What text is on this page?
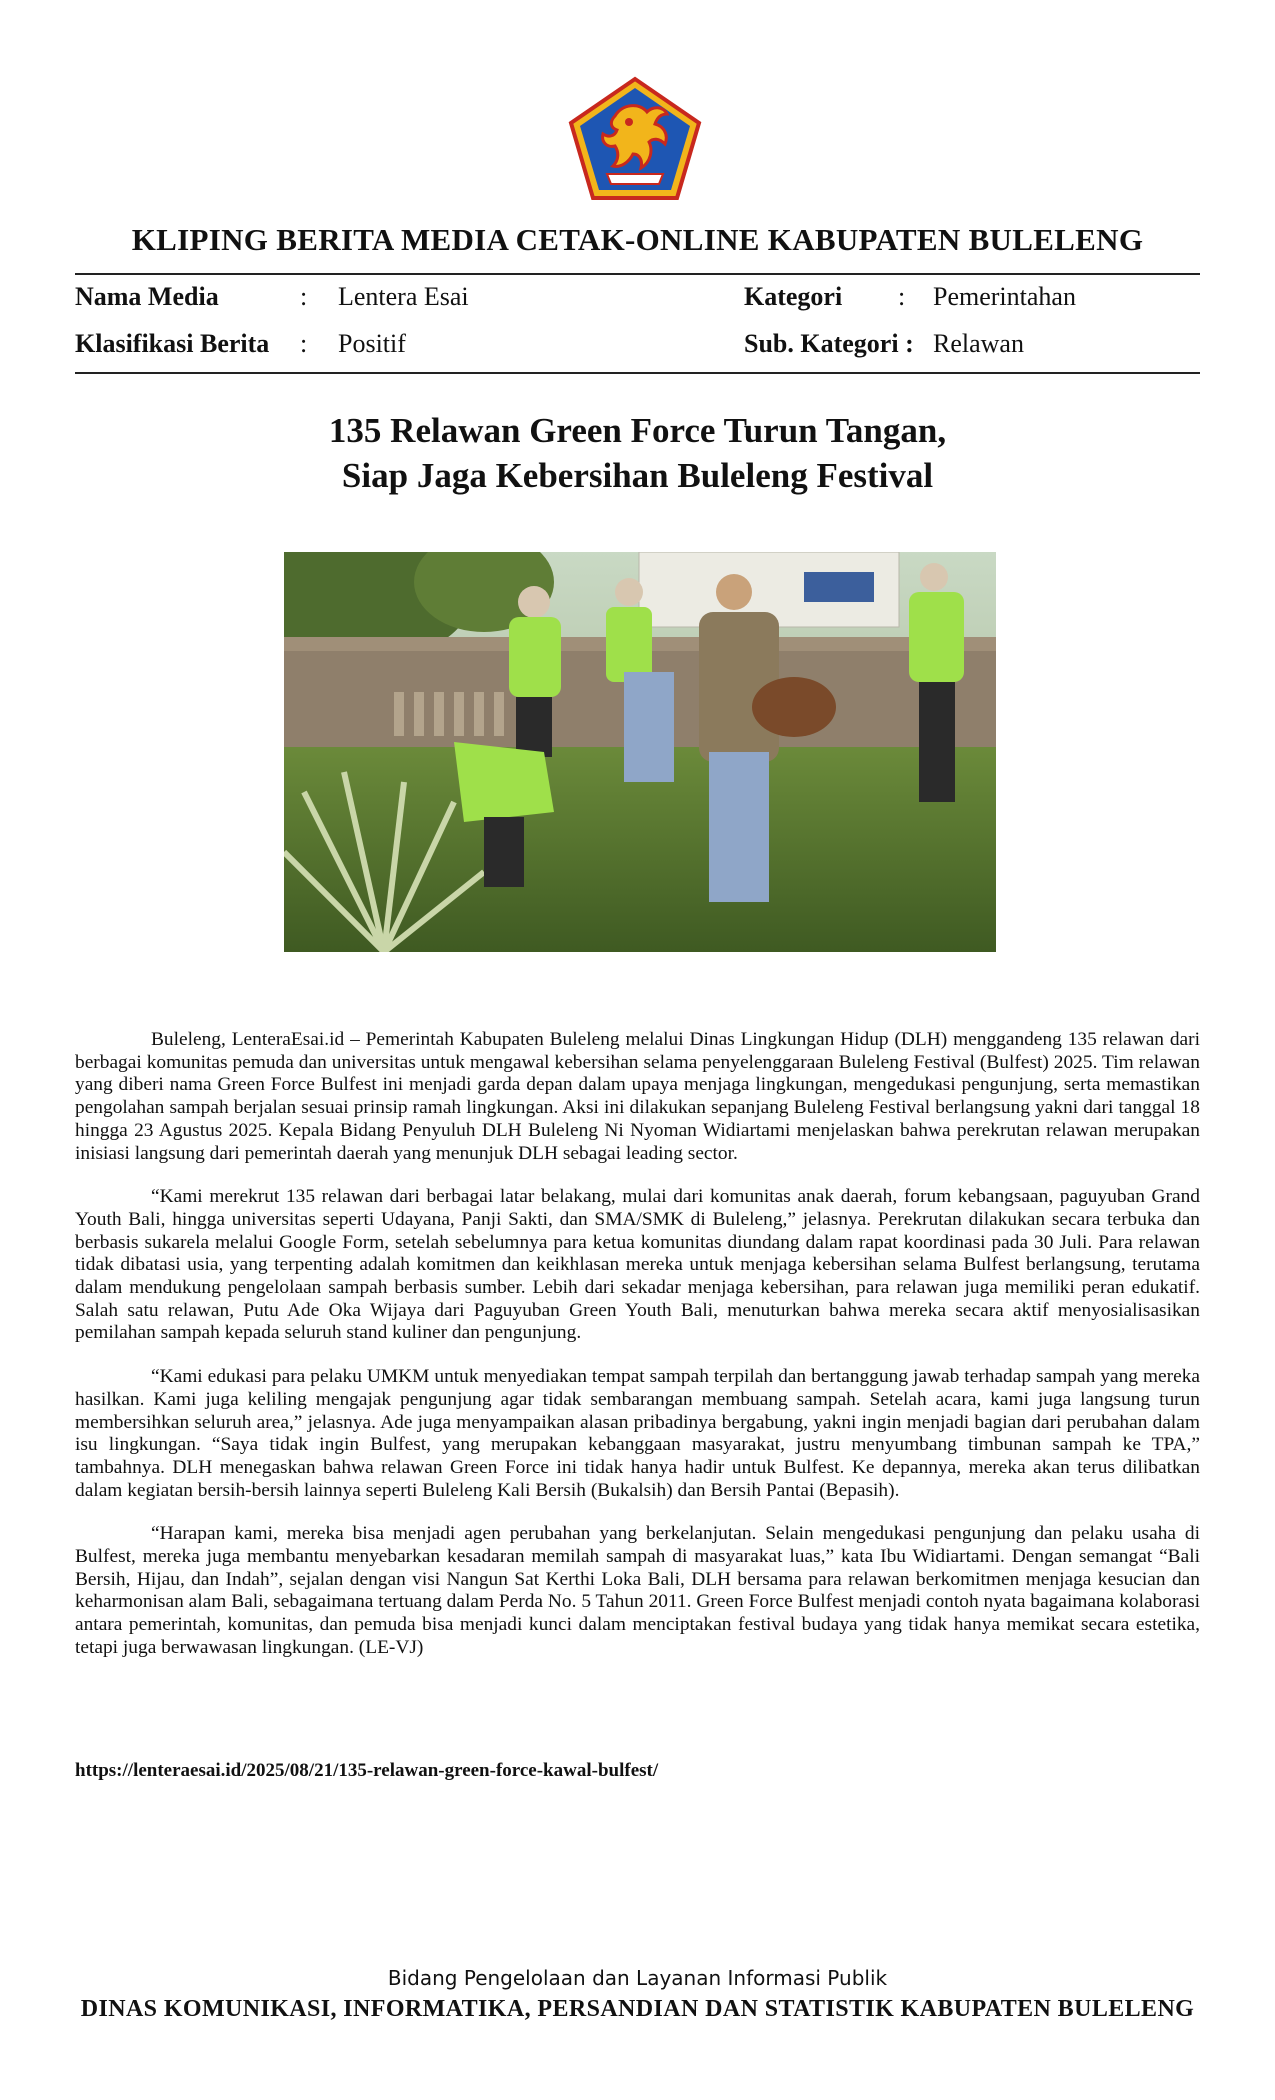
KLIPING BERITA MEDIA CETAK-ONLINE KABUPATEN BULELENG
Nama Media	: Lentera Esai	Kategori : Pemerintahan
Klasifikasi Berita : Positif	Sub. Kategori : Relawan
135 Relawan Green Force Turun Tangan,
Siap Jaga Kebersihan Buleleng Festival

Buleleng, LenteraEsai.id – Pemerintah Kabupaten Buleleng melalui Dinas Lingkungan Hidup (DLH) menggandeng 135 relawan dari berbagai komunitas pemuda dan universitas untuk mengawal kebersihan selama penyelenggaraan Buleleng Festival (Bulfest) 2025. Tim relawan yang diberi nama Green Force Bulfest ini menjadi garda depan dalam upaya menjaga lingkungan, mengedukasi pengunjung, serta memastikan pengolahan sampah berjalan sesuai prinsip ramah lingkungan. Aksi ini dilakukan sepanjang Buleleng Festival berlangsung yakni dari tanggal 18 hingga 23 Agustus 2025. Kepala Bidang Penyuluh DLH Buleleng Ni Nyoman Widiartami menjelaskan bahwa perekrutan relawan merupakan inisiasi langsung dari pemerintah daerah yang menunjuk DLH sebagai leading sector.

“Kami merekrut 135 relawan dari berbagai latar belakang, mulai dari komunitas anak daerah, forum kebangsaan, paguyuban Grand Youth Bali, hingga universitas seperti Udayana, Panji Sakti, dan SMA/SMK di Buleleng,” jelasnya. Perekrutan dilakukan secara terbuka dan berbasis sukarela melalui Google Form, setelah sebelumnya para ketua komunitas diundang dalam rapat koordinasi pada 30 Juli. Para relawan tidak dibatasi usia, yang terpenting adalah komitmen dan keikhlasan mereka untuk menjaga kebersihan selama Bulfest berlangsung, terutama dalam mendukung pengelolaan sampah berbasis sumber. Lebih dari sekadar menjaga kebersihan, para relawan juga memiliki peran edukatif. Salah satu relawan, Putu Ade Oka Wijaya dari Paguyuban Green Youth Bali, menuturkan bahwa mereka secara aktif menyosialisasikan pemilahan sampah kepada seluruh stand kuliner dan pengunjung.

“Kami edukasi para pelaku UMKM untuk menyediakan tempat sampah terpilah dan bertanggung jawab terhadap sampah yang mereka hasilkan. Kami juga keliling mengajak pengunjung agar tidak sembarangan membuang sampah. Setelah acara, kami juga langsung turun membersihkan seluruh area,” jelasnya. Ade juga menyampaikan alasan pribadinya bergabung, yakni ingin menjadi bagian dari perubahan dalam isu lingkungan. “Saya tidak ingin Bulfest, yang merupakan kebanggaan masyarakat, justru menyumbang timbunan sampah ke TPA,” tambahnya. DLH menegaskan bahwa relawan Green Force ini tidak hanya hadir untuk Bulfest. Ke depannya, mereka akan terus dilibatkan dalam kegiatan bersih-bersih lainnya seperti Buleleng Kali Bersih (Bukalsih) dan Bersih Pantai (Bepasih).

“Harapan kami, mereka bisa menjadi agen perubahan yang berkelanjutan. Selain mengedukasi pengunjung dan pelaku usaha di Bulfest, mereka juga membantu menyebarkan kesadaran memilah sampah di masyarakat luas,” kata Ibu Widiartami. Dengan semangat “Bali Bersih, Hijau, dan Indah”, sejalan dengan visi Nangun Sat Kerthi Loka Bali, DLH bersama para relawan berkomitmen menjaga kesucian dan keharmonisan alam Bali, sebagaimana tertuang dalam Perda No. 5 Tahun 2011. Green Force Bulfest menjadi contoh nyata bagaimana kolaborasi antara pemerintah, komunitas, dan pemuda bisa menjadi kunci dalam menciptakan festival budaya yang tidak hanya memikat secara estetika, tetapi juga berwawasan lingkungan. (LE-VJ)

https://lenteraesai.id/2025/08/21/135-relawan-green-force-kawal-bulfest/
Bidang Pengelolaan dan Layanan Informasi Publik
DINAS KOMUNIKASI, INFORMATIKA, PERSANDIAN DAN STATISTIK KABUPATEN BULELENG
